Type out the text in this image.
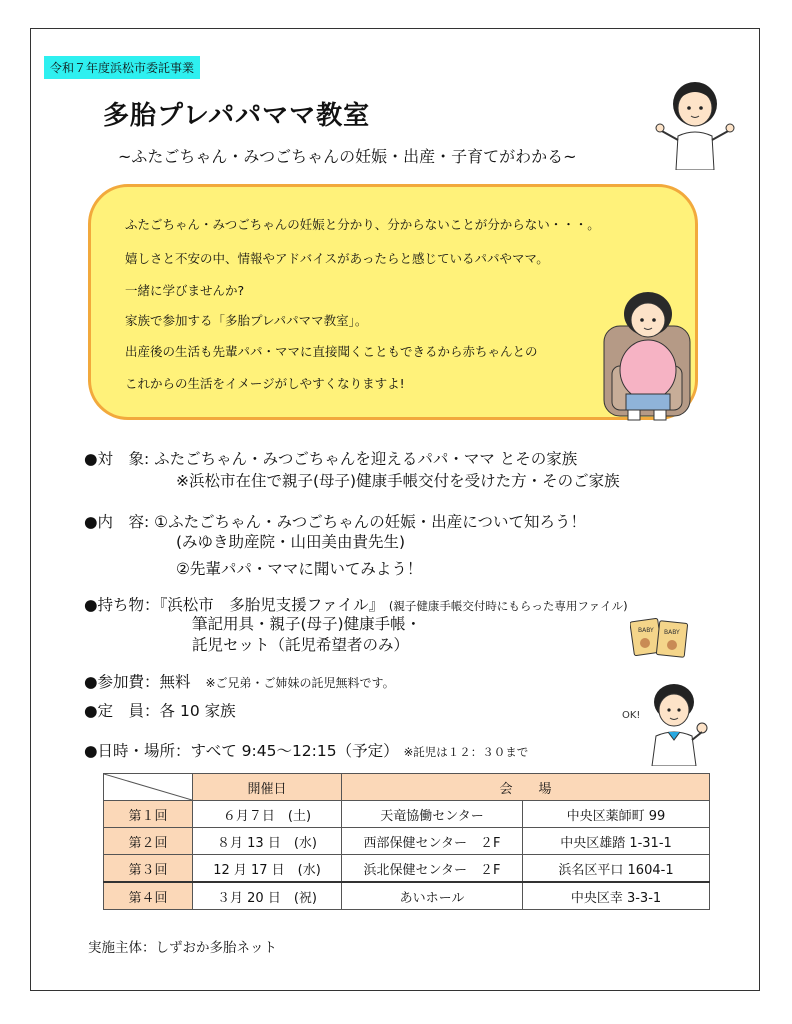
令和７年度浜松市委託事業
多胎プレパパママ教室
~ふたごちゃん・みつごちゃんの妊娠・出産・子育てがわかる~

ふたごちゃん・みつごちゃんの妊娠と分かり、分からないことが分からない・・・。

嬉しさと不安の中、情報やアドバイスがあったらと感じているパパやママ。

一緒に学びませんか?

家族で参加する「多胎プレパパママ教室」。

出産後の生活も先輩パパ・ママに直接聞くこともできるから赤ちゃんとの

これからの生活をイメージがしやすくなりますよ!

●対　象: ふたごちゃん・みつごちゃんを迎えるパパ・ママ とその家族
※浜松市在住で親子(母子)健康手帳交付を受けた方・そのご家族
●内　容: ①ふたごちゃん・みつごちゃんの妊娠・出産について知ろう！
(みゆき助産院・山田美由貴先生)
②先輩パパ・ママに聞いてみよう！
●持ち物：『浜松市　多胎児支援ファイル』 (親子健康手帳交付時にもらった専用ファイル)
筆記用具・親子(母子)健康手帳・
託児セット（託児希望者のみ）
BABY BABY
●参加費：無料 ※ご兄弟・ご姉妹の託児無料です。
●定　員：各 10 家族
●日時・場所：すべて 9:45～12:15（予定） ※託児は１２：３０まで
OK!
	開催日	会　　場	
第１回	６月７日　(土)	天竜協働センター	中央区薬師町 99
第２回	８月 13 日　(水)	西部保健センター　２F	中央区雄踏 1-31-1
第３回	12 月 17 日　(水)	浜北保健センター　２F	浜名区平口 1604-1
第４回	３月 20 日　(祝)	あいホール	中央区幸 3-3-1
実施主体：しずおか多胎ネット
